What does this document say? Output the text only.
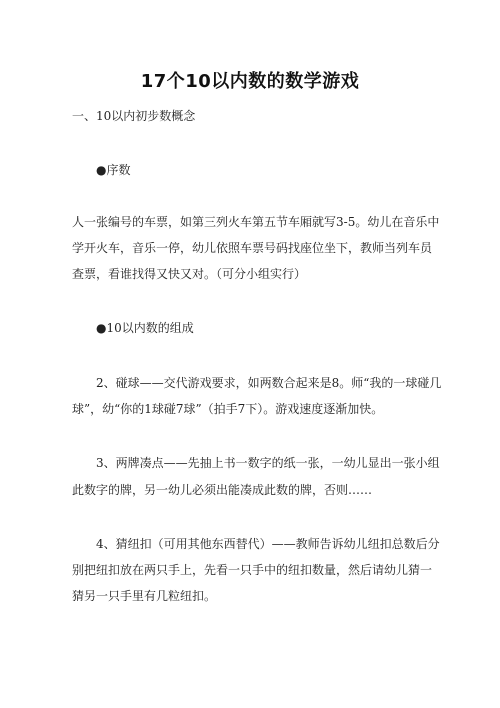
17个10以内数的数学游戏
一、10以内初步数概念
●序数
人一张编号的车票，如第三列火车第五节车厢就写3-5。幼儿在音乐中
学开火车，音乐一停，幼儿依照车票号码找座位坐下，教师当列车员
查票，看谁找得又快又对。（可分小组实行）
●10以内数的组成
2、碰球——交代游戏要求，如两数合起来是8。师“我的一球碰几
球”，幼“你的1球碰7球”（拍手7下）。游戏速度逐渐加快。
3、两牌凑点——先抽上书一数字的纸一张，一幼儿显出一张小组
此数字的牌，另一幼儿必须出能凑成此数的牌，否则……
4、猜纽扣（可用其他东西替代）——教师告诉幼儿纽扣总数后分
别把纽扣放在两只手上，先看一只手中的纽扣数量，然后请幼儿猜一
猜另一只手里有几粒纽扣。
